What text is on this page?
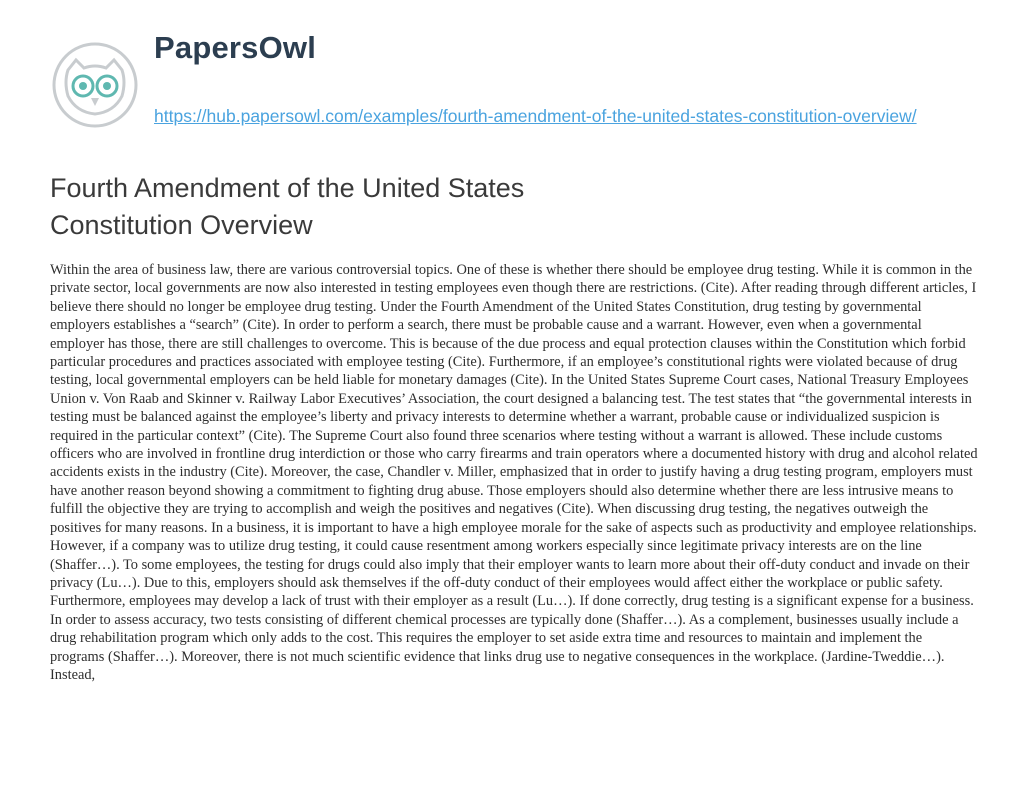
PapersOwl
https://hub.papersowl.com/examples/fourth-amendment-of-the-united-states-constitution-overview/
Fourth Amendment of the United States Constitution Overview

Within the area of business law, there are various controversial topics. One of these is whether there should be employee drug testing. While it is common in the private sector, local governments are now also interested in testing employees even though there are restrictions. (Cite). After reading through different articles, I believe there should no longer be employee drug testing. Under the Fourth Amendment of the United States Constitution, drug testing by governmental employers establishes a “search” (Cite). In order to perform a search, there must be probable cause and a warrant. However, even when a governmental employer has those, there are still challenges to overcome. This is because of the due process and equal protection clauses within the Constitution which forbid particular procedures and practices associated with employee testing (Cite). Furthermore, if an employee’s constitutional rights were violated because of drug testing, local governmental employers can be held liable for monetary damages (Cite). In the United States Supreme Court cases, National Treasury Employees Union v. Von Raab and Skinner v. Railway Labor Executives’ Association, the court designed a balancing test. The test states that “the governmental interests in testing must be balanced against the employee’s liberty and privacy interests to determine whether a warrant, probable cause or individualized suspicion is required in the particular context” (Cite). The Supreme Court also found three scenarios where testing without a warrant is allowed. These include customs officers who are involved in frontline drug interdiction or those who carry firearms and train operators where a documented history with drug and alcohol related accidents exists in the industry (Cite). Moreover, the case, Chandler v. Miller, emphasized that in order to justify having a drug testing program, employers must have another reason beyond showing a commitment to fighting drug abuse. Those employers should also determine whether there are less intrusive means to fulfill the objective they are trying to accomplish and weigh the positives and negatives (Cite). When discussing drug testing, the negatives outweigh the positives for many reasons. In a business, it is important to have a high employee morale for the sake of aspects such as productivity and employee relationships. However, if a company was to utilize drug testing, it could cause resentment among workers especially since legitimate privacy interests are on the line (Shaffer…). To some employees, the testing for drugs could also imply that their employer wants to learn more about their off-duty conduct and invade on their privacy (Lu…). Due to this, employers should ask themselves if the off-duty conduct of their employees would affect either the workplace or public safety. Furthermore, employees may develop a lack of trust with their employer as a result (Lu…). If done correctly, drug testing is a significant expense for a business. In order to assess accuracy, two tests consisting of different chemical processes are typically done (Shaffer…). As a complement, businesses usually include a drug rehabilitation program which only adds to the cost. This requires the employer to set aside extra time and resources to maintain and implement the programs (Shaffer…). Moreover, there is not much scientific evidence that links drug use to negative consequences in the workplace. (Jardine-Tweddie…). Instead,
